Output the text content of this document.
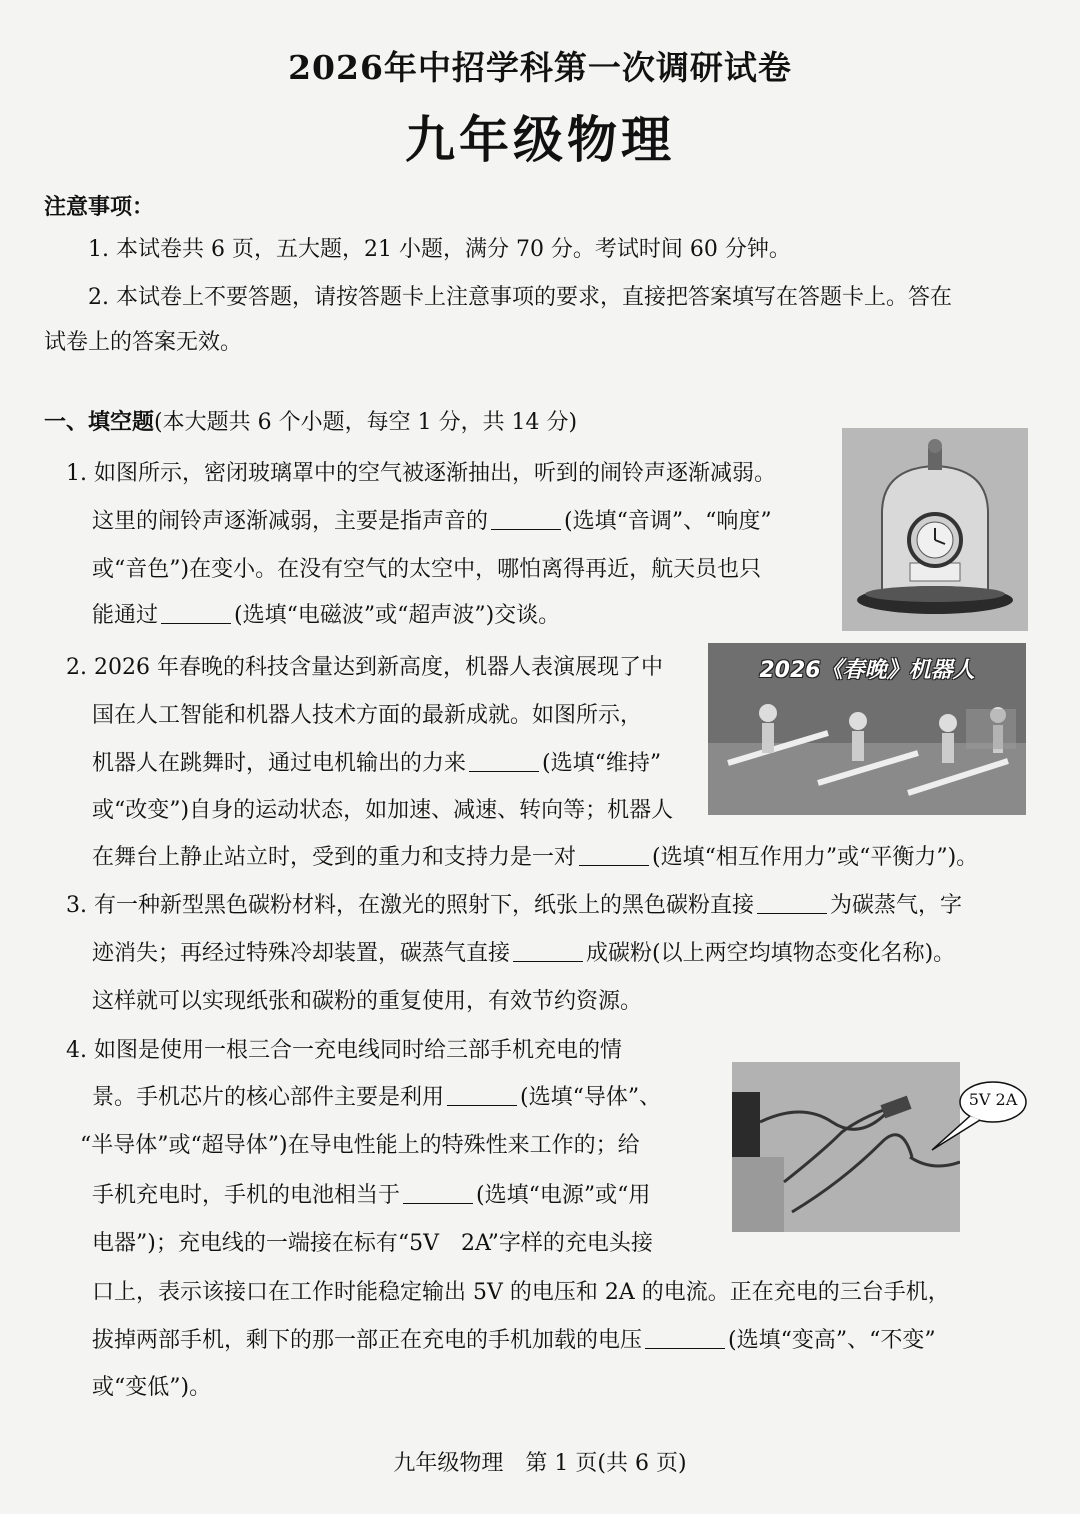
2026年中招学科第一次调研试卷
九年级物理
注意事项：
1. 本试卷共 6 页，五大题，21 小题，满分 70 分。考试时间 60 分钟。
2. 本试卷上不要答题，请按答题卡上注意事项的要求，直接把答案填写在答题卡上。答在
试卷上的答案无效。
一、填空题(本大题共 6 个小题，每空 1 分，共 14 分)
1. 如图所示，密闭玻璃罩中的空气被逐渐抽出，听到的闹铃声逐渐减弱。
这里的闹铃声逐渐减弱，主要是指声音的	(选填“音调”、“响度”
或“音色”)在变小。在没有空气的太空中，哪怕离得再近，航天员也只
能通过	(选填“电磁波”或“超声波”)交谈。
2. 2026 年春晚的科技含量达到新高度，机器人表演展现了中
国在人工智能和机器人技术方面的最新成就。如图所示，
机器人在跳舞时，通过电机输出的力来	(选填“维持”
或“改变”)自身的运动状态，如加速、减速、转向等；机器人
在舞台上静止站立时，受到的重力和支持力是一对	(选填“相互作用力”或“平衡力”)。
2026《春晚》机器人
3. 有一种新型黑色碳粉材料，在激光的照射下，纸张上的黑色碳粉直接	为碳蒸气，字
迹消失；再经过特殊冷却装置，碳蒸气直接	成碳粉(以上两空均填物态变化名称)。
这样就可以实现纸张和碳粉的重复使用，有效节约资源。
4. 如图是使用一根三合一充电线同时给三部手机充电的情
景。手机芯片的核心部件主要是利用	(选填“导体”、
“半导体”或“超导体”)在导电性能上的特殊性来工作的；给
手机充电时，手机的电池相当于	(选填“电源”或“用
电器”)；充电线的一端接在标有“5V　2A”字样的充电头接
口上，表示该接口在工作时能稳定输出 5V 的电压和 2A 的电流。正在充电的三台手机，
拔掉两部手机，剩下的那一部正在充电的手机加载的电压	(选填“变高”、“不变”
或“变低”)。
5V 2A
九年级物理　第 1 页(共 6 页)
